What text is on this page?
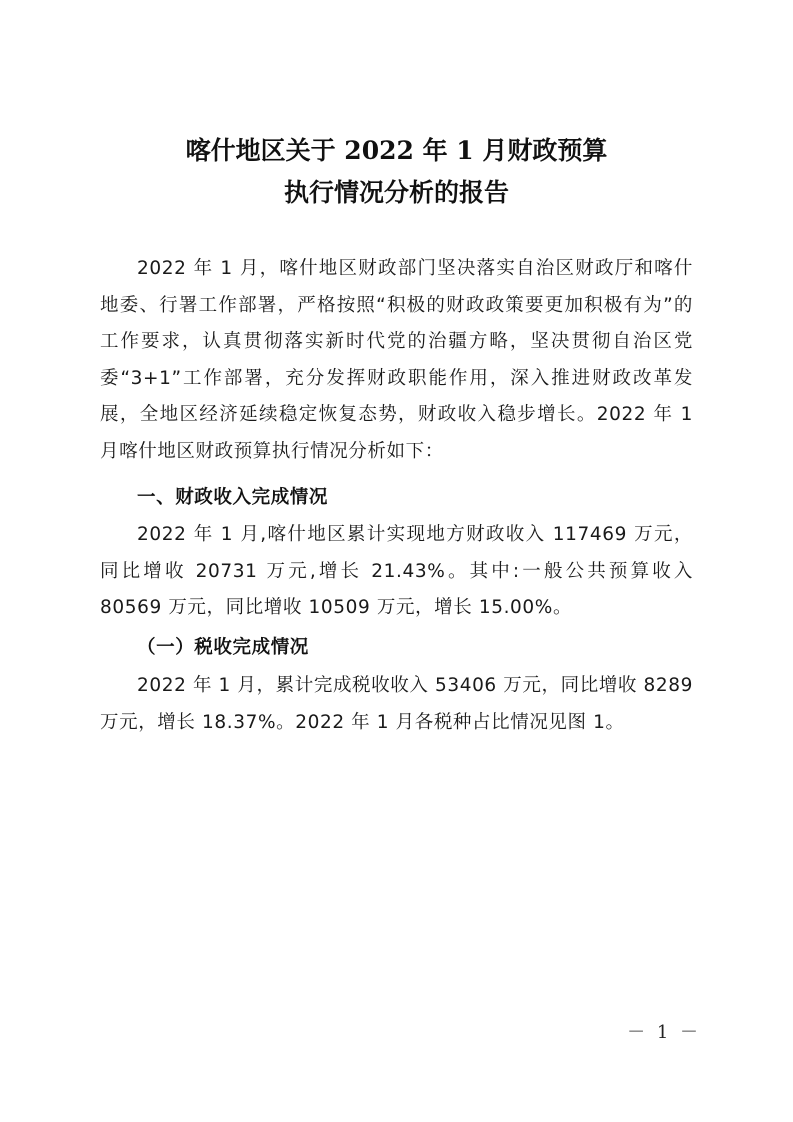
喀什地区关于 2022 年 1 月财政预算
执行情况分析的报告

2022 年 1 月，喀什地区财政部门坚决落实自治区财政厅和喀什地委、行署工作部署，严格按照“积极的财政政策要更加积极有为”的工作要求，认真贯彻落实新时代党的治疆方略，坚决贯彻自治区党委“3+1”工作部署，充分发挥财政职能作用，深入推进财政改革发展，全地区经济延续稳定恢复态势，财政收入稳步增长。2022 年 1 月喀什地区财政预算执行情况分析如下：

一、财政收入完成情况

2022 年 1 月,喀什地区累计实现地方财政收入 117469 万元，同比增收 20731 万元,增长 21.43%。其中:一般公共预算收入 80569 万元，同比增收 10509 万元，增长 15.00%。

（一）税收完成情况

2022 年 1 月，累计完成税收收入 53406 万元，同比增收 8289 万元，增长 18.37%。2022 年 1 月各税种占比情况见图 1。

－ 1 －
